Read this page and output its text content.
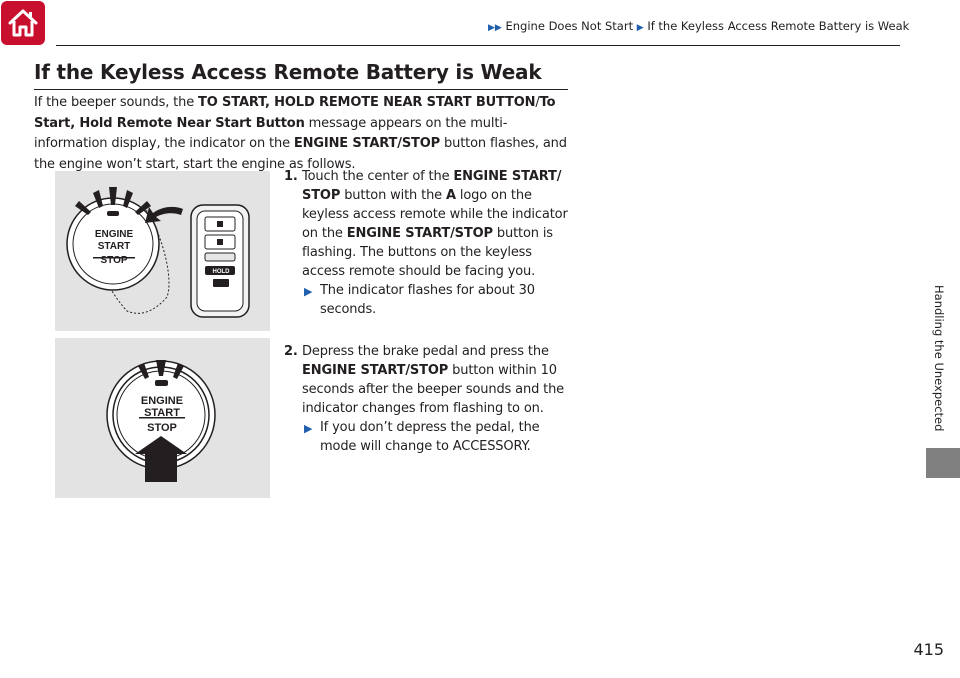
▶▶ Engine Does Not Start ▶ If the Keyless Access Remote Battery is Weak
If the Keyless Access Remote Battery is Weak

If the beeper sounds, the TO START, HOLD REMOTE NEAR START BUTTON/To Start, Hold Remote Near Start Button message appears on the multi-information display, the indicator on the ENGINE START/STOP button flashes, and the engine won’t start, start the engine as follows.

ENGINE
START
STOP
HOLD
ENGINE
START
STOP
1. Touch the center of the ENGINE START/ STOP button with the A logo on the keyless access remote while the indicator on the ENGINE START/STOP button is flashing. The buttons on the keyless access remote should be facing you.
▶ The indicator flashes for about 30 seconds.
2. Depress the brake pedal and press the ENGINE START/STOP button within 10 seconds after the beeper sounds and the indicator changes from flashing to on.
▶ If you don’t depress the pedal, the mode will change to ACCESSORY.
Handling the Unexpected
415
